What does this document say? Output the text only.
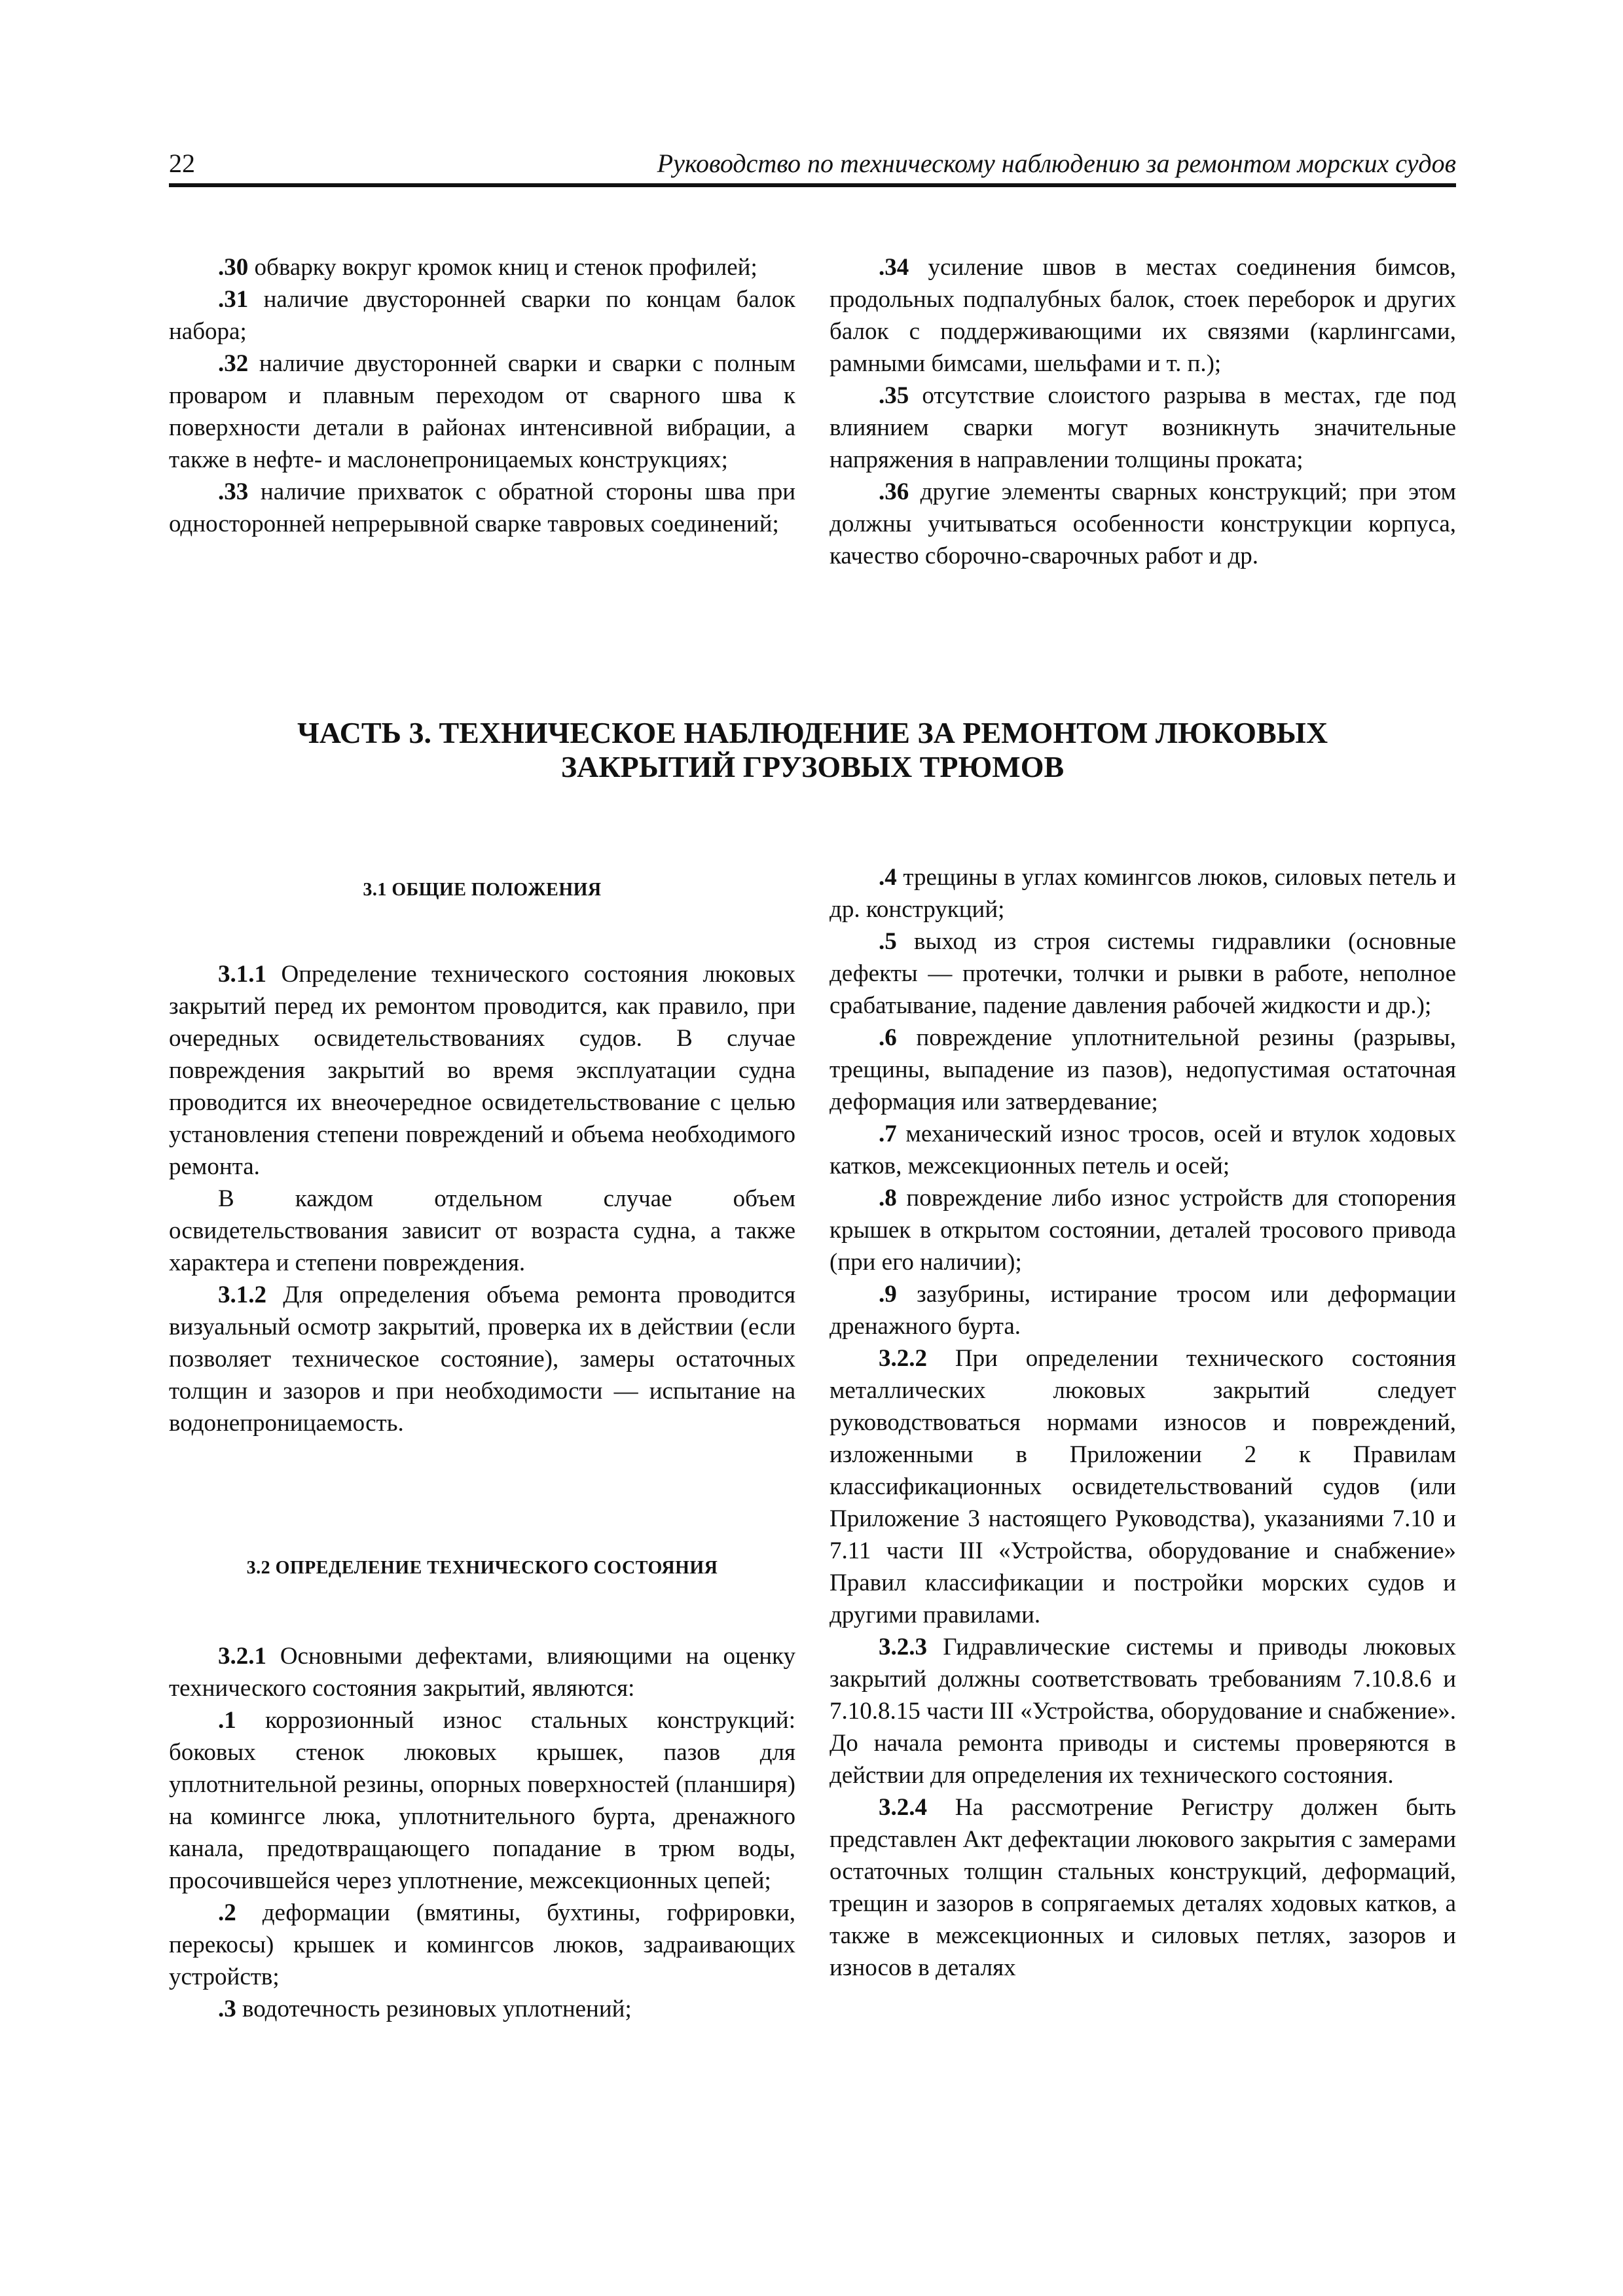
22	Руководство по техническому наблюдению за ремонтом морских судов

.30 обварку вокруг кромок книц и стенок профилей;

.31 наличие двусторонней сварки по концам балок набора;

.32 наличие двусторонней сварки и сварки с полным проваром и плавным переходом от сварного шва к поверхности детали в районах интенсивной вибрации, а также в нефте- и маслонепроницаемых конструкциях;

.33 наличие прихваток с обратной стороны шва при односторонней непрерывной сварке тавровых соединений;

.34 усиление швов в местах соединения бимсов, продольных подпалубных балок, стоек переборок и других балок с поддерживающими их связями (карлингсами, рамными бимсами, шельфами и т. п.);

.35 отсутствие слоистого разрыва в местах, где под влиянием сварки могут возникнуть значительные напряжения в направлении толщины проката;

.36 другие элементы сварных конструкций; при этом должны учитываться особенности конструкции корпуса, качество сборочно-сварочных работ и др.

ЧАСТЬ 3. ТЕХНИЧЕСКОЕ НАБЛЮДЕНИЕ ЗА РЕМОНТОМ ЛЮКОВЫХ
ЗАКРЫТИЙ ГРУЗОВЫХ ТРЮМОВ
3.1 ОБЩИЕ ПОЛОЖЕНИЯ

3.1.1 Определение технического состояния люковых закрытий перед их ремонтом проводится, как правило, при очередных освидетельствованиях судов. В случае повреждения закрытий во время эксплуатации судна проводится их внеочередное освидетельствование с целью установления степени повреждений и объема необходимого ремонта.

В каждом отдельном случае объем освидетельствования зависит от возраста судна, а также характера и степени повреждения.

3.1.2 Для определения объема ремонта проводится визуальный осмотр закрытий, проверка их в действии (если позволяет техническое состояние), замеры остаточных толщин и зазоров и при необходимости — испытание на водонепроницаемость.

3.2 ОПРЕДЕЛЕНИЕ ТЕХНИЧЕСКОГО СОСТОЯНИЯ

3.2.1 Основными дефектами, влияющими на оценку технического состояния закрытий, являются:

.1 коррозионный износ стальных конструкций: боковых стенок люковых крышек, пазов для уплотнительной резины, опорных поверхностей (планширя) на комингсе люка, уплотнительного бурта, дренажного канала, предотвращающего попадание в трюм воды, просочившейся через уплотнение, межсекционных цепей;

.2 деформации (вмятины, бухтины, гофрировки, перекосы) крышек и комингсов люков, задраивающих устройств;

.3 водотечность резиновых уплотнений;

.4 трещины в углах комингсов люков, силовых петель и др. конструкций;

.5 выход из строя системы гидравлики (основные дефекты — протечки, толчки и рывки в работе, неполное срабатывание, падение давления рабочей жидкости и др.);

.6 повреждение уплотнительной резины (разрывы, трещины, выпадение из пазов), недопустимая остаточная деформация или затвердевание;

.7 механический износ тросов, осей и втулок ходовых катков, межсекционных петель и осей;

.8 повреждение либо износ устройств для стопорения крышек в открытом состоянии, деталей тросового привода (при его наличии);

.9 зазубрины, истирание тросом или деформации дренажного бурта.

3.2.2 При определении технического состояния металлических люковых закрытий следует руководствоваться нормами износов и повреждений, изложенными в Приложении 2 к Правилам классификационных освидетельствований судов (или Приложение 3 настоящего Руководства), указаниями 7.10 и 7.11 части III «Устройства, оборудование и снабжение» Правил классификации и постройки морских судов и другими правилами.

3.2.3 Гидравлические системы и приводы люковых закрытий должны соответствовать требованиям 7.10.8.6 и 7.10.8.15 части III «Устройства, оборудование и снабжение». До начала ремонта приводы и системы проверяются в действии для определения их технического состояния.

3.2.4 На рассмотрение Регистру должен быть представлен Акт дефектации люкового закрытия с замерами остаточных толщин стальных конструкций, деформаций, трещин и зазоров в сопрягаемых деталях ходовых катков, а также в межсекционных и силовых петлях, зазоров и износов в деталях
